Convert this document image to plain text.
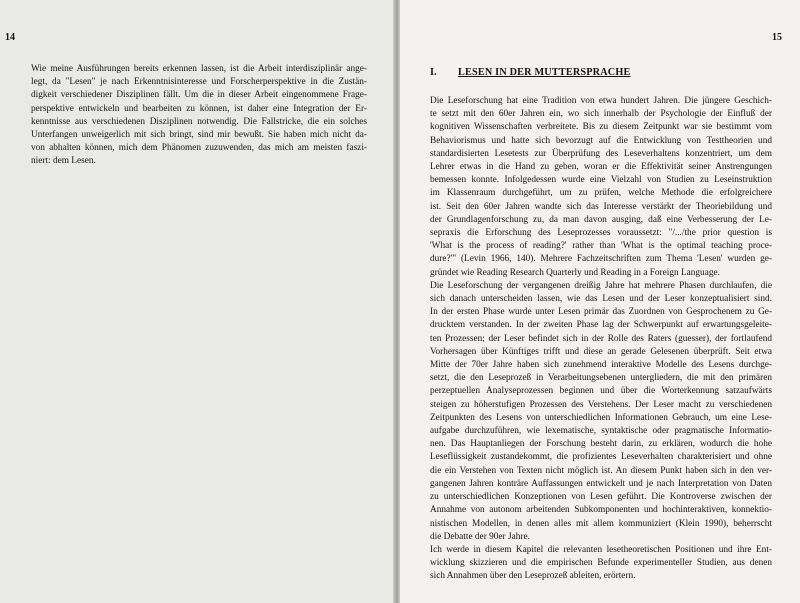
14
Wie meine Ausführungen bereits erkennen lassen, ist die Arbeit interdisziplinär ange-
legt, da "Lesen" je nach Erkenntnisinteresse und Forscherperspektive in die Zustän-
digkeit verschiedener Disziplinen fällt. Um die in dieser Arbeit eingenommene Frage-
perspektive entwickeln und bearbeiten zu können, ist daher eine Integration der Er-
kenntnisse aus verschiedenen Disziplinen notwendig. Die Fallstricke, die ein solches
Unterfangen unweigerlich mit sich bringt, sind mir bewußt. Sie haben mich nicht da-
von abhalten können, mich dem Phänomen zuzuwenden, das mich am meisten faszi-
niert: dem Lesen.
15
I. LESEN IN DER MUTTERSPRACHE
Die Leseforschung hat eine Tradition von etwa hundert Jahren. Die jüngere Geschich-
te setzt mit den 60er Jahren ein, wo sich innerhalb der Psychologie der Einfluß der
kognitiven Wissenschaften verbreitete. Bis zu diesem Zeitpunkt war sie bestimmt vom
Behaviorismus und hatte sich bevorzugt auf die Entwicklung von Testtheorien und
standardisierten Lesetests zur Überprüfung des Leseverhaltens konzentriert, um dem
Lehrer etwas in die Hand zu geben, woran er die Effektivität seiner Anstrengungen
bemessen konnte. Infolgedessen wurde eine Vielzahl von Studien zu Leseinstruktion
im Klassenraum durchgeführt, um zu prüfen, welche Methode die erfolgreichere
ist. Seit den 60er Jahren wandte sich das Interesse verstärkt der Theoriebildung und
der Grundlagenforschung zu, da man davon ausging, daß eine Verbesserung der Le-
sepraxis die Erforschung des Leseprozesses voraussetzt: "/.../the prior question is
'What is the process of reading?' rather than 'What is the optimal teaching proce-
dure?'" (Levin 1966, 140). Mehrere Fachzeitschriften zum Thema 'Lesen' wurden ge-
gründet wie Reading Research Quarterly und Reading in a Foreign Language.
Die Leseforschung der vergangenen dreißig Jahre hat mehrere Phasen durchlaufen, die
sich danach unterscheiden lassen, wie das Lesen und der Leser konzeptualisiert sind.
In der ersten Phase wurde unter Lesen primär das Zuordnen von Gesprochenem zu Ge-
drucktem verstanden. In der zweiten Phase lag der Schwerpunkt auf erwartungsgeleite-
ten Prozessen; der Leser befindet sich in der Rolle des Raters (guesser), der fortlaufend
Vorhersagen über Künftiges trifft und diese an gerade Gelesenen überprüft. Seit etwa
Mitte der 70er Jahre haben sich zunehmend interaktive Modelle des Lesens durchge-
setzt, die den Leseprozeß in Verarbeitungsebenen untergliedern, die mit den primären
perzeptuellen Analyseprozessen beginnen und über die Worterkennung satzaufwärts
steigen zu höherstufigen Prozessen des Verstehens. Der Leser macht zu verschiedenen
Zeitpunkten des Lesens von unterschiedlichen Informationen Gebrauch, um eine Lese-
aufgabe durchzuführen, wie lexematische, syntaktische oder pragmatische Informatio-
nen. Das Hauptanliegen der Forschung besteht darin, zu erklären, wodurch die hohe
Leseflüssigkeit zustandekommt, die profizientes Leseverhalten charakterisiert und ohne
die ein Verstehen von Texten nicht möglich ist. An diesem Punkt haben sich in den ver-
gangenen Jahren konträre Auffassungen entwickelt und je nach Interpretation von Daten
zu unterschiedlichen Konzeptionen von Lesen geführt. Die Kontroverse zwischen der
Annahme von autonom arbeitenden Subkomponenten und hochinteraktiven, konnektio-
nistischen Modellen, in denen alles mit allem kommuniziert (Klein 1990), beherrscht
die Debatte der 90er Jahre.
Ich werde in diesem Kapitel die relevanten lesetheoretischen Positionen und ihre Ent-
wicklung skizzieren und die empirischen Befunde experimenteller Studien, aus denen
sich Annahmen über den Leseprozeß ableiten, erörtern.
